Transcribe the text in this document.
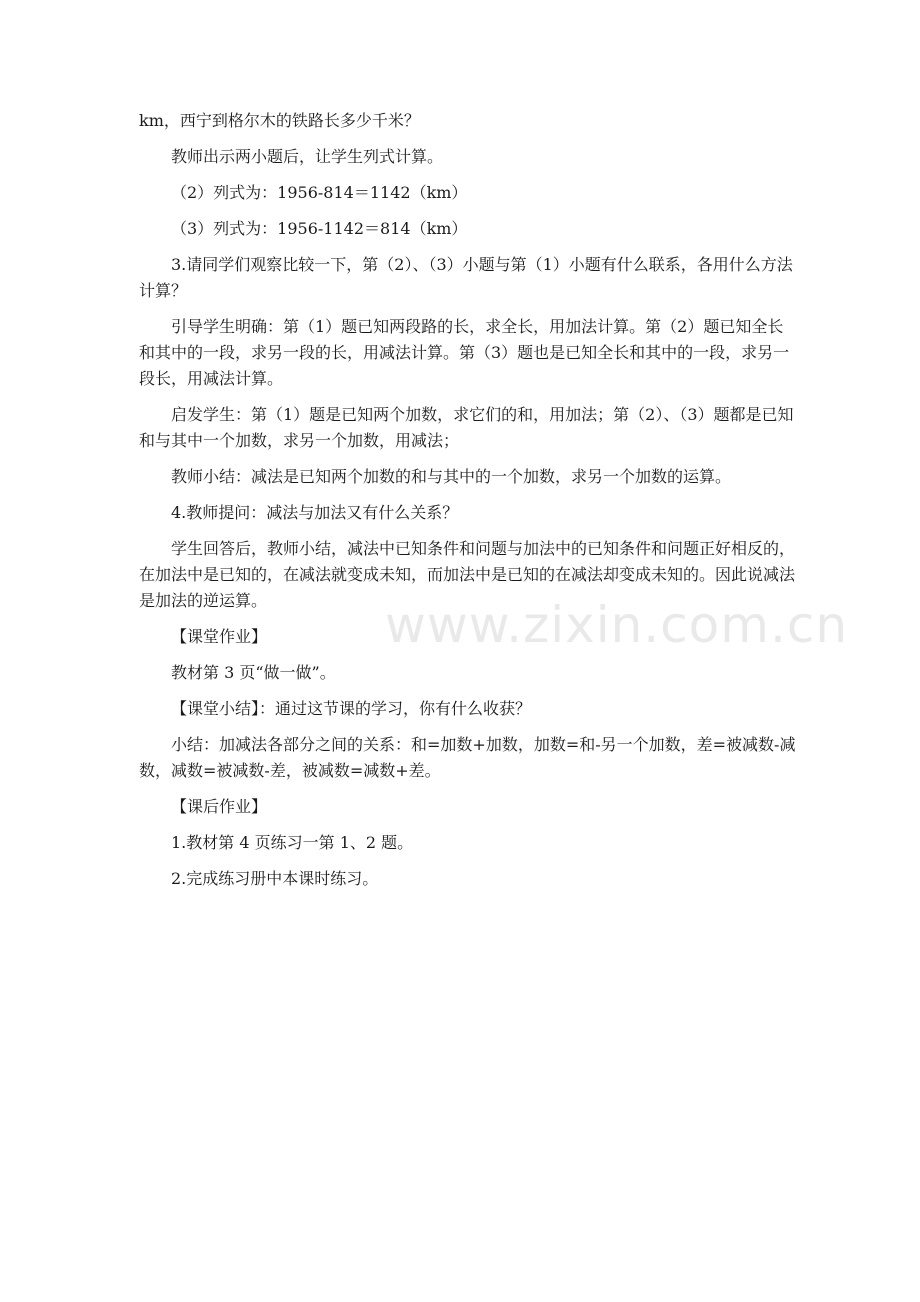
km，西宁到格尔木的铁路长多少千米？

教师出示两小题后，让学生列式计算。

（2）列式为：1956-814＝1142（km）

（3）列式为：1956-1142＝814（km）

3.请同学们观察比较一下，第（2）、（3）小题与第（1）小题有什么联系，各用什么方法计算？

引导学生明确：第（1）题已知两段路的长，求全长，用加法计算。第（2）题已知全长和其中的一段，求另一段的长，用减法计算。第（3）题也是已知全长和其中的一段，求另一段长，用减法计算。

启发学生：第（1）题是已知两个加数，求它们的和，用加法；第（2）、（3）题都是已知和与其中一个加数，求另一个加数，用减法；

教师小结：减法是已知两个加数的和与其中的一个加数，求另一个加数的运算。

4.教师提问：减法与加法又有什么关系？

学生回答后，教师小结，减法中已知条件和问题与加法中的已知条件和问题正好相反的，在加法中是已知的，在减法就变成未知，而加法中是已知的在减法却变成未知的。因此说减法是加法的逆运算。

【课堂作业】

教材第 3 页“做一做”。

【课堂小结】：通过这节课的学习，你有什么收获？

小结：加减法各部分之间的关系：和=加数+加数，加数=和-另一个加数，差=被减数-减数，减数=被减数-差，被减数=减数+差。

【课后作业】

1.教材第 4 页练习一第 1、2 题。

2.完成练习册中本课时练习。

www.zixin.com.cn
